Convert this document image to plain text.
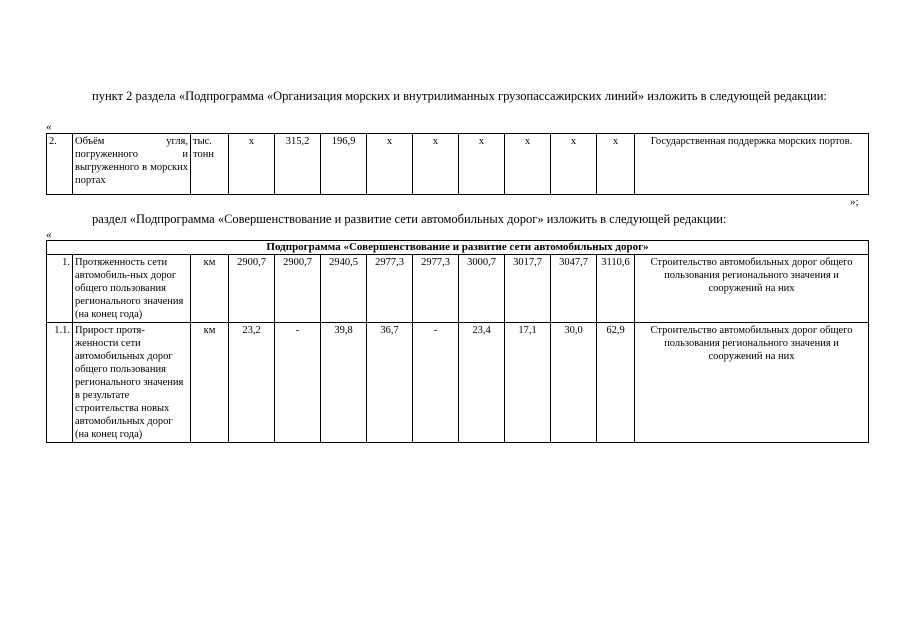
пункт 2 раздела «Подпрограмма «Организация морских и внутрилиманных грузопассажирских линий» изложить в следующей редакции:
«
2.	Объём угля, погруженного и выгруженного в морских портах	тыс. тонн	х	315,2	196,9	х	х	х	х	х	х	Государственная поддержка морских портов.
»;
раздел «Подпрограмма «Совершенствование и развитие сети автомобильных дорог» изложить в следующей редакции:
«
Подпрограмма «Совершенствование и развитие сети автомобильных дорог»												
1.	Протяженность сети автомобиль-ных дорог общего пользования регионального значения (на конец года)	км	2900,7	2900,7	2940,5	2977,3	2977,3	3000,7	3017,7	3047,7	3110,6	Строительство автомобильных дорог общего пользования регионального значения и сооружений на них
1.1.	Прирост протя-женности сети автомобильных дорог общего пользования регионального значения в результате строительства новых автомобильных дорог (на конец года)	км	23,2	-	39,8	36,7	-	23,4	17,1	30,0	62,9	Строительство автомобильных дорог общего пользования регионального значения и сооружений на них
